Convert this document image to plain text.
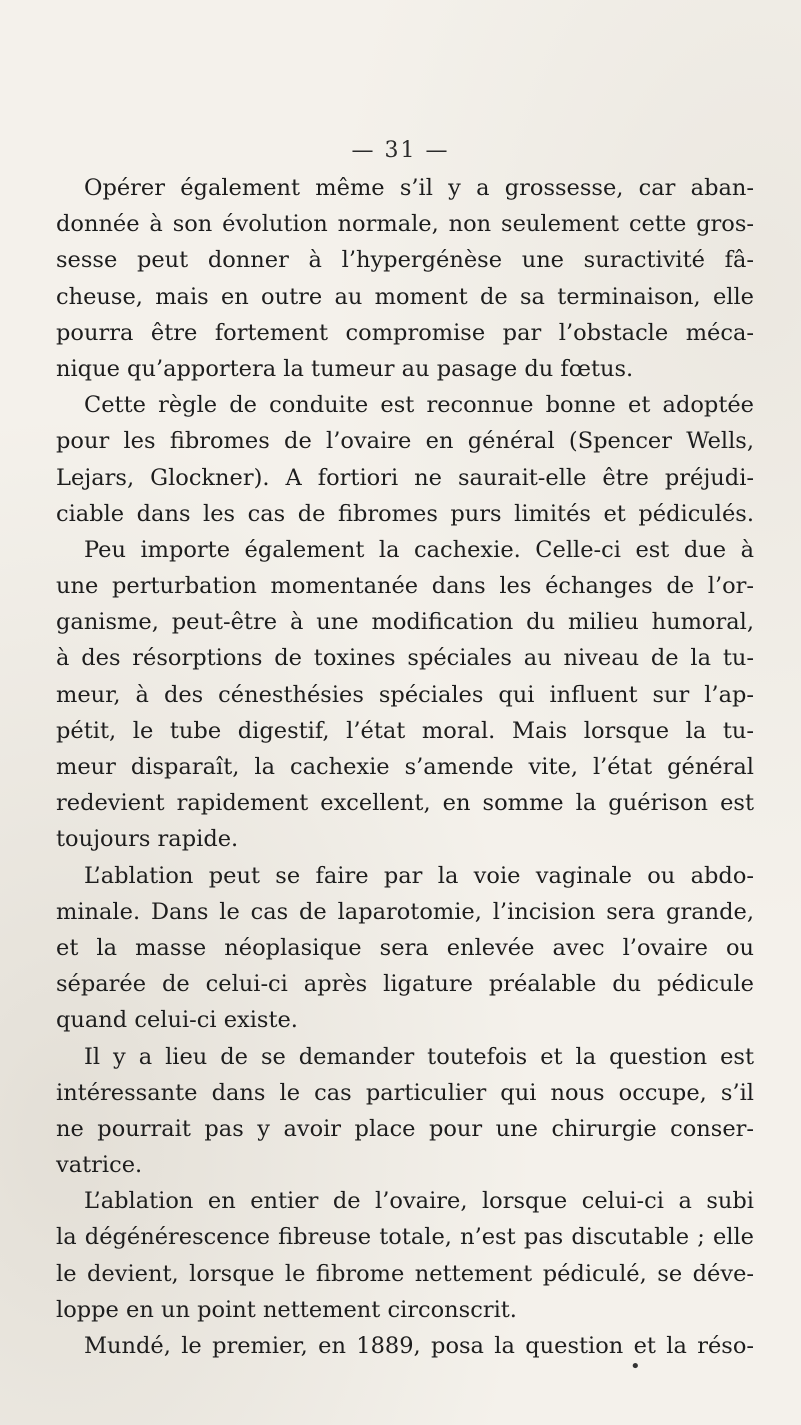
— 31 —
Opérer également même s’il y a grossesse, car aban-
donnée à son évolution normale, non seulement cette gros-
sesse peut donner à l’hypergénèse une suractivité fâ-
cheuse, mais en outre au moment de sa terminaison, elle
pourra être fortement compromise par l’obstacle méca-
nique qu’apportera la tumeur au pasage du fœtus.
Cette règle de conduite est reconnue bonne et adoptée
pour les fibromes de l’ovaire en général (Spencer Wells,
Lejars, Glockner). A fortiori ne saurait-elle être préjudi-
ciable dans les cas de fibromes purs limités et pédiculés.
Peu importe également la cachexie. Celle-ci est due à
une perturbation momentanée dans les échanges de l’or-
ganisme, peut-être à une modification du milieu humoral,
à des résorptions de toxines spéciales au niveau de la tu-
meur, à des cénesthésies spéciales qui influent sur l’ap-
pétit, le tube digestif, l’état moral. Mais lorsque la tu-
meur disparaît, la cachexie s’amende vite, l’état général
redevient rapidement excellent, en somme la guérison est
toujours rapide.
L’ablation peut se faire par la voie vaginale ou abdo-
minale. Dans le cas de laparotomie, l’incision sera grande,
et la masse néoplasique sera enlevée avec l’ovaire ou
séparée de celui-ci après ligature préalable du pédicule
quand celui-ci existe.
Il y a lieu de se demander toutefois et la question est
intéressante dans le cas particulier qui nous occupe, s’il
ne pourrait pas y avoir place pour une chirurgie conser-
vatrice.
L’ablation en entier de l’ovaire, lorsque celui-ci a subi
la dégénérescence fibreuse totale, n’est pas discutable ; elle
le devient, lorsque le fibrome nettement pédiculé, se déve-
loppe en un point nettement circonscrit.
Mundé, le premier, en 1889, posa la question et la réso-
•
